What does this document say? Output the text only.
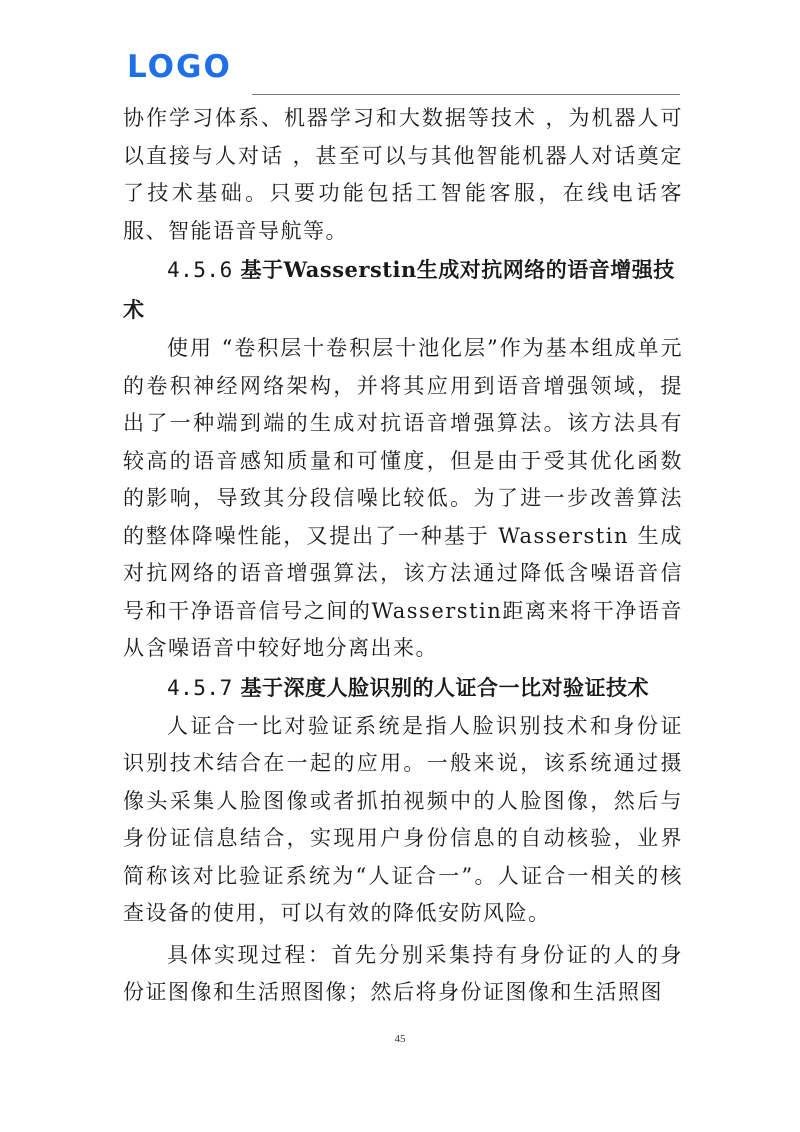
LOGO

协作学习体系、机器学习和大数据等技术 ，为机器人可以直接与人对话 ，甚至可以与其他智能机器人对话奠定了技术基础。只要功能包括工智能客服，在线电话客服、智能语音导航等。

4.5.6 基于Wasserstin生成对抗网络的语音增强技术

使用 “卷积层十卷积层十池化层”作为基本组成单元的卷积神经网络架构，并将其应用到语音增强领域，提出了一种端到端的生成对抗语音增强算法。该方法具有较高的语音感知质量和可懂度，但是由于受其优化函数的影响，导致其分段信噪比较低。为了进一步改善算法的整体降噪性能，又提出了一种基于 Wasserstin 生成对抗网络的语音增强算法，该方法通过降低含噪语音信号和干净语音信号之间的Wasserstin距离来将干净语音从含噪语音中较好地分离出来。

4.5.7 基于深度人脸识别的人证合一比对验证技术

人证合一比对验证系统是指人脸识别技术和身份证识别技术结合在一起的应用。一般来说，该系统通过摄像头采集人脸图像或者抓拍视频中的人脸图像，然后与身份证信息结合，实现用户身份信息的自动核验，业界简称该对比验证系统为“人证合一”。人证合一相关的核查设备的使用，可以有效的降低安防风险。

具体实现过程：首先分别采集持有身份证的人的身份证图像和生活照图像；然后将身份证图像和生活照图

45
